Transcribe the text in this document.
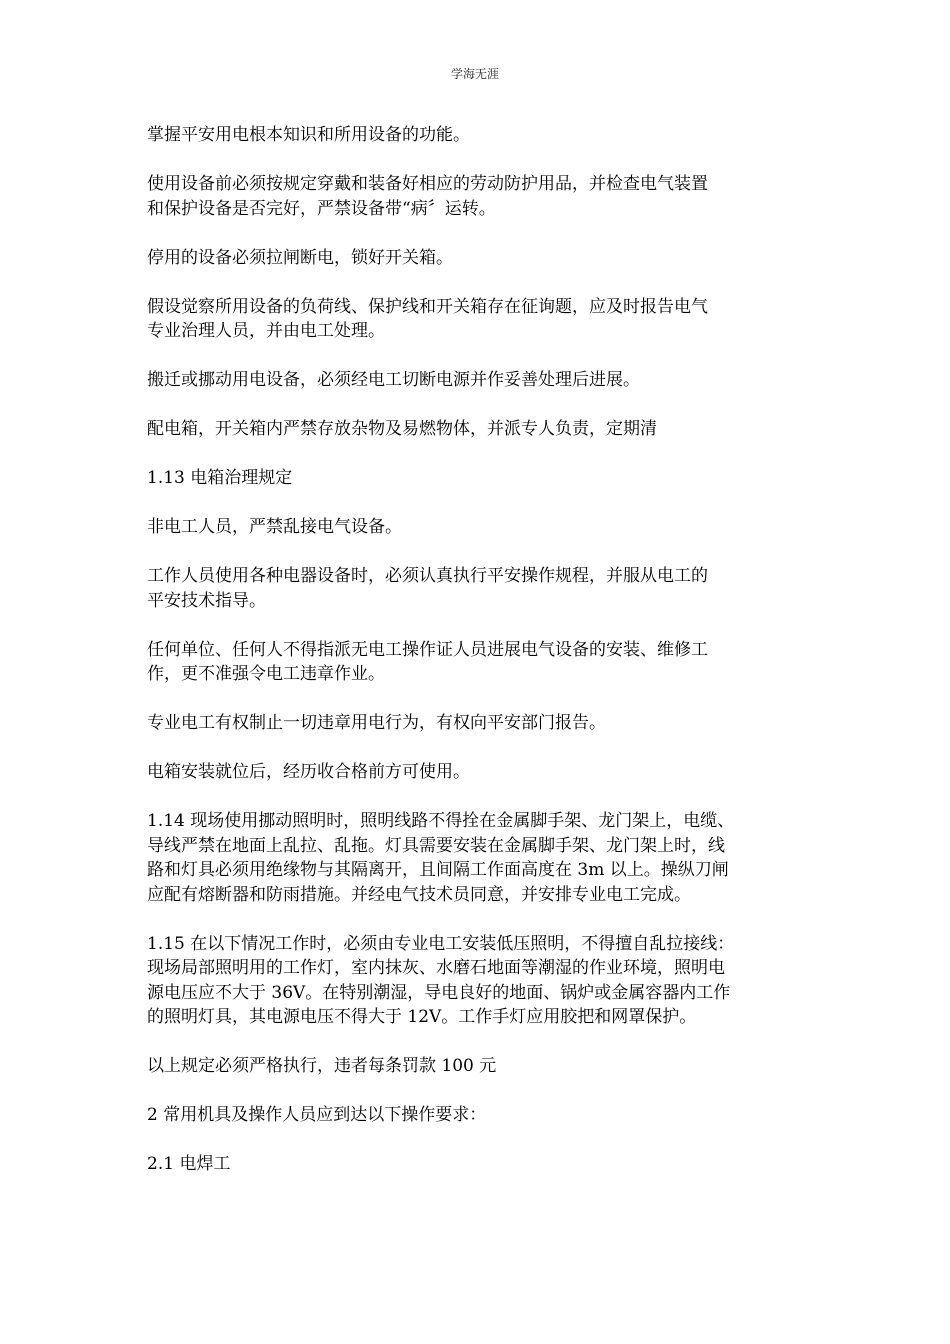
学海无涯

掌握平安用电根本知识和所用设备的功能。

使用设备前必须按规定穿戴和装备好相应的劳动防护用品，并检查电气装置
和保护设备是否完好，严禁设备带“病〞运转。

停用的设备必须拉闸断电，锁好开关箱。

假设觉察所用设备的负荷线、保护线和开关箱存在征询题，应及时报告电气
专业治理人员，并由电工处理。

搬迁或挪动用电设备，必须经电工切断电源并作妥善处理后进展。

配电箱，开关箱内严禁存放杂物及易燃物体，并派专人负责，定期清

1.13 电箱治理规定

非电工人员，严禁乱接电气设备。

工作人员使用各种电器设备时，必须认真执行平安操作规程，并服从电工的
平安技术指导。

任何单位、任何人不得指派无电工操作证人员进展电气设备的安装、维修工
作，更不准强令电工违章作业。

专业电工有权制止一切违章用电行为，有权向平安部门报告。

电箱安装就位后，经历收合格前方可使用。

1.14 现场使用挪动照明时，照明线路不得拴在金属脚手架、龙门架上，电缆、
导线严禁在地面上乱拉、乱拖。灯具需要安装在金属脚手架、龙门架上时，线
路和灯具必须用绝缘物与其隔离开，且间隔工作面高度在 3m 以上。操纵刀闸
应配有熔断器和防雨措施。并经电气技术员同意，并安排专业电工完成。

1.15 在以下情况工作时，必须由专业电工安装低压照明，不得擅自乱拉接线：
现场局部照明用的工作灯，室内抹灰、水磨石地面等潮湿的作业环境，照明电
源电压应不大于 36V。在特别潮湿，导电良好的地面、锅炉或金属容器内工作
的照明灯具，其电源电压不得大于 12V。工作手灯应用胶把和网罩保护。

以上规定必须严格执行，违者每条罚款 100 元

2 常用机具及操作人员应到达以下操作要求：

2.1 电焊工
